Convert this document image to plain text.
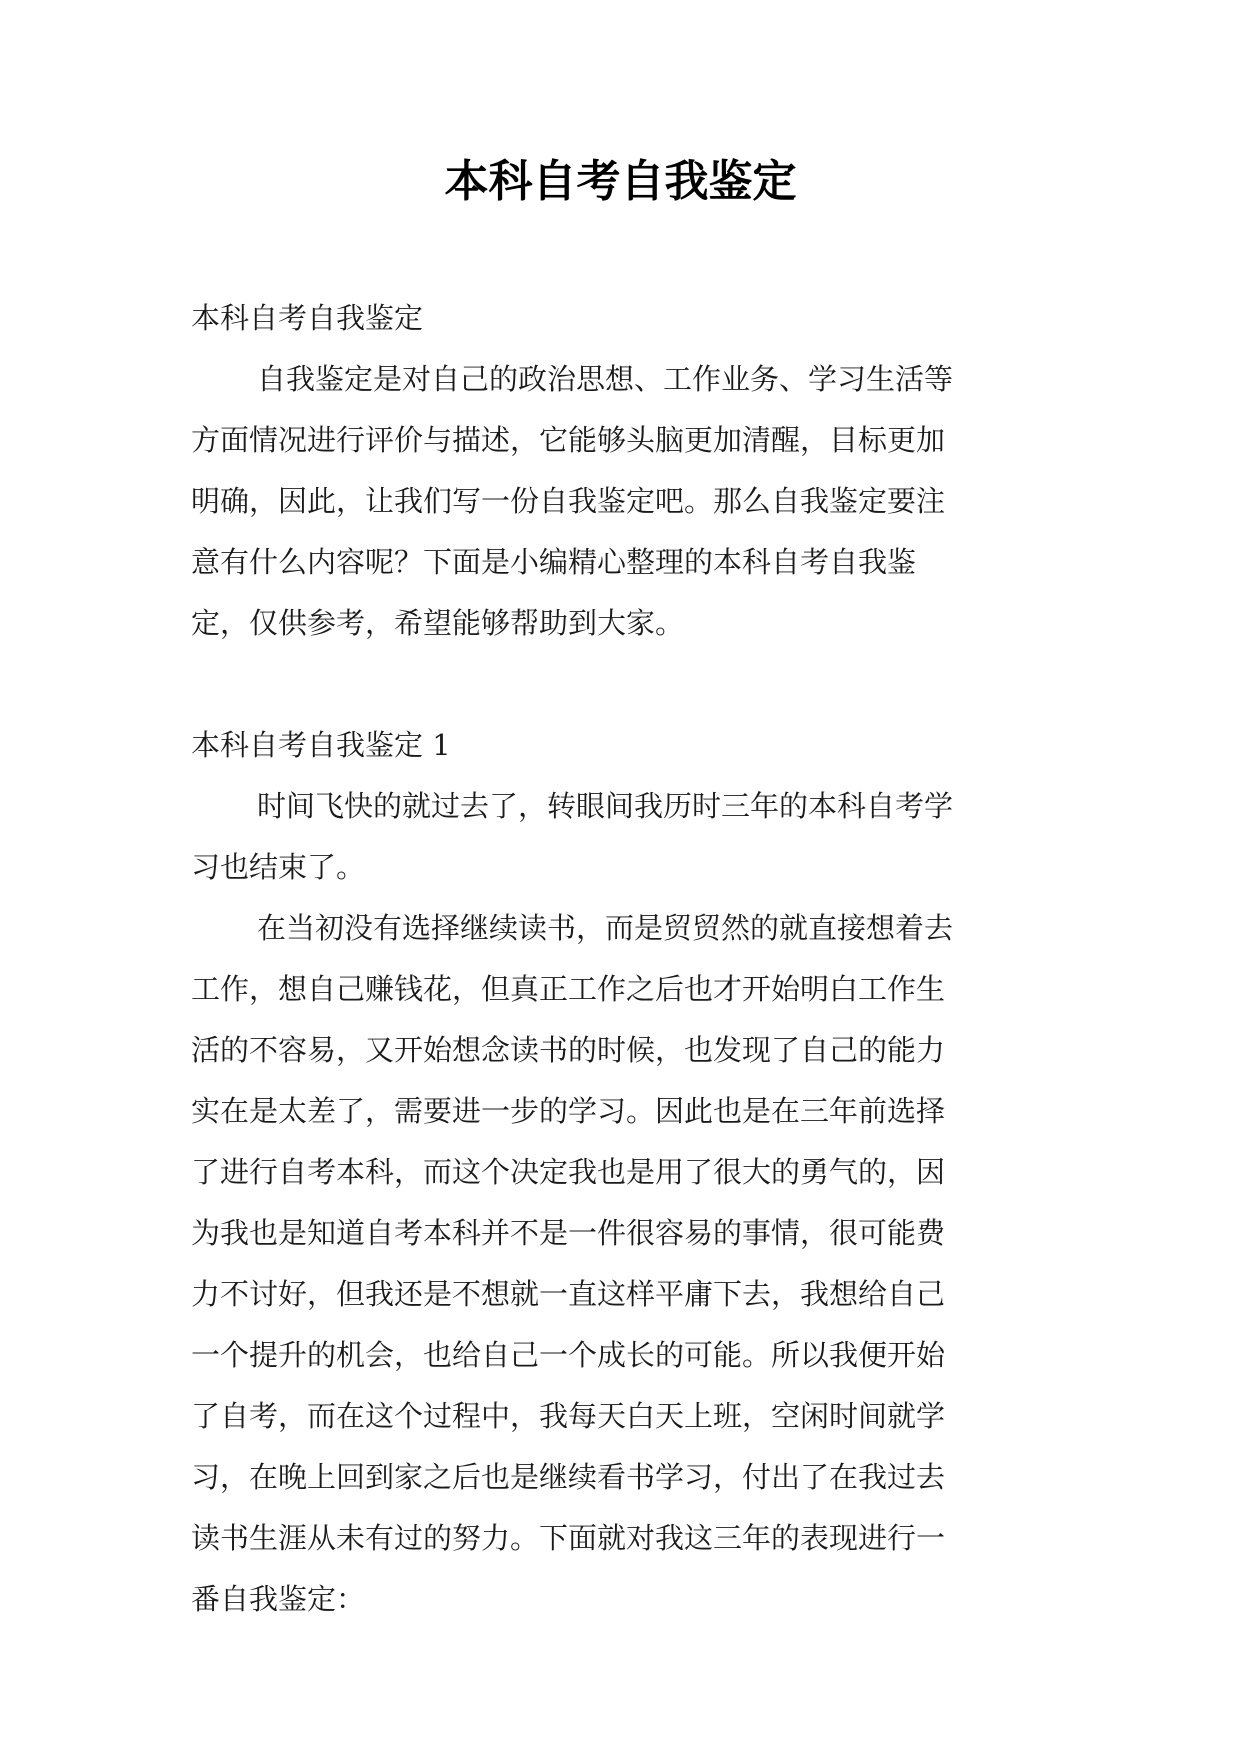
本科自考自我鉴定

本科自考自我鉴定

自我鉴定是对自己的政治思想、工作业务、学习生活等

方面情况进行评价与描述，它能够头脑更加清醒，目标更加

明确，因此，让我们写一份自我鉴定吧。那么自我鉴定要注

意有什么内容呢？下面是小编精心整理的本科自考自我鉴

定，仅供参考，希望能够帮助到大家。

本科自考自我鉴定 1

时间飞快的就过去了，转眼间我历时三年的本科自考学

习也结束了。

在当初没有选择继续读书，而是贸贸然的就直接想着去

工作，想自己赚钱花，但真正工作之后也才开始明白工作生

活的不容易，又开始想念读书的时候，也发现了自己的能力

实在是太差了，需要进一步的学习。因此也是在三年前选择

了进行自考本科，而这个决定我也是用了很大的勇气的，因

为我也是知道自考本科并不是一件很容易的事情，很可能费

力不讨好，但我还是不想就一直这样平庸下去，我想给自己

一个提升的机会，也给自己一个成长的可能。所以我便开始

了自考，而在这个过程中，我每天白天上班，空闲时间就学

习，在晚上回到家之后也是继续看书学习，付出了在我过去

读书生涯从未有过的努力。下面就对我这三年的表现进行一

番自我鉴定：
